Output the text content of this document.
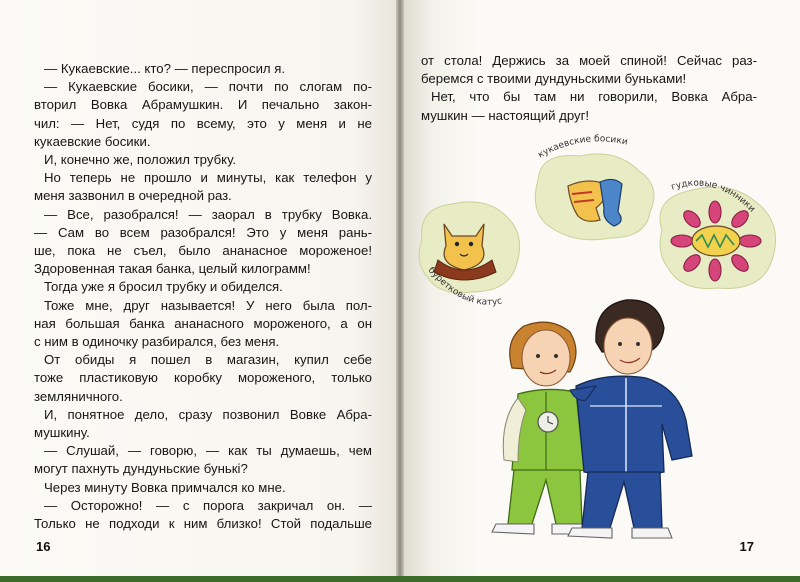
— Кукаевские... кто? — переспросил я.
— Кукаевские босики, — почти по слогам по-
вторил Вовка Абрамушкин. И печально закон-
чил: — Нет, судя по всему, это у меня и не
кукаевские босики.
И, конечно же, положил трубку.
Но теперь не прошло и минуты, как телефон у
меня зазвонил в очередной раз.
— Все, разобрался! — заорал в трубку Вовка.
— Сам во всем разобрался! Это у меня рань-
ше, пока не съел, было ананасное мороженое!
Здоровенная такая банка, целый килограмм!
Тогда уже я бросил трубку и обиделся.
Тоже мне, друг называется! У него была пол-
ная большая банка ананасного мороженого, а он
с ним в одиночку разбирался, без меня.
От обиды я пошел в магазин, купил себе
тоже пластиковую коробку мороженого, только
земляничного.
И, понятное дело, сразу позвонил Вовке Абра-
мушкину.
— Слушай, — говорю, — как ты думаешь, чем
могут пахнуть дундуньские бунькі?
Через минуту Вовка примчался ко мне.
— Осторожно! — с порога закричал он. —
Только не подходи к ним близко! Стой подальше
16
от стола! Держись за моей спиной! Сейчас раз-
беремся с твоими дундуньскими буньками!
Нет, что бы там ни говорили, Вовка Абра-
мушкин — настоящий друг!
кукаевские босики
буретковый катус
гудковые чинники
17
